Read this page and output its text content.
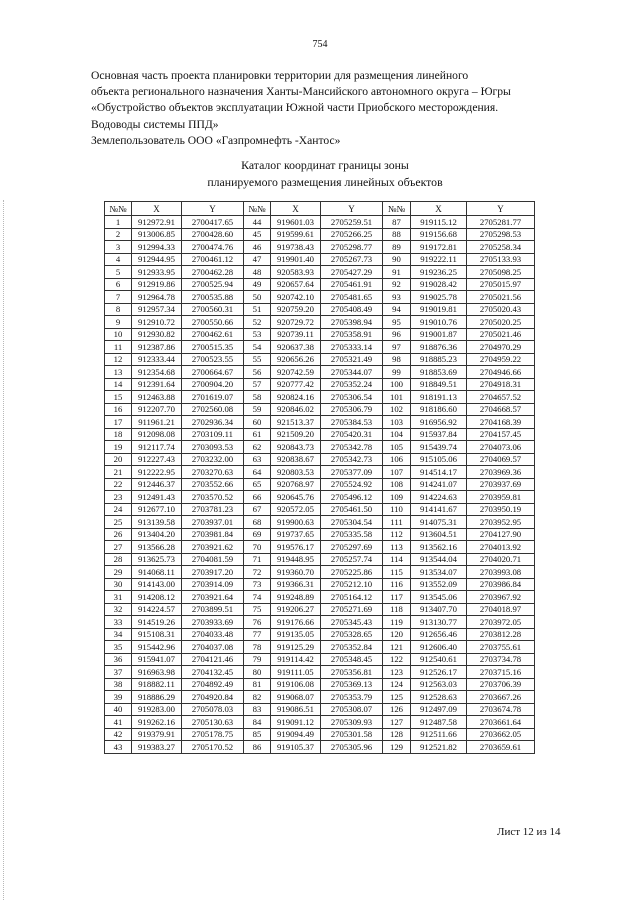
754
Основная часть проекта планировки территории для размещения линейного
объекта регионального назначения Ханты-Мансийского автономного округа – Югры
«Обустройство объектов эксплуатации Южной части Приобского месторождения.
Водоводы системы ППД»
Землепользователь ООО «Газпромнефть -Хантос»
Каталог координат границы зоны
планируемого размещения линейных объектов
№№	X	Y	№№	X	Y	№№	X	Y
1	912972.91	2700417.65	44	919601.03	2705259.51	87	919115.12	2705281.77
2	913006.85	2700428.60	45	919599.61	2705266.25	88	919156.68	2705298.53
3	912994.33	2700474.76	46	919738.43	2705298.77	89	919172.81	2705258.34
4	912944.95	2700461.12	47	919901.40	2705267.73	90	919222.11	2705133.93
5	912933.95	2700462.28	48	920583.93	2705427.29	91	919236.25	2705098.25
6	912919.86	2700525.94	49	920657.64	2705461.91	92	919028.42	2705015.97
7	912964.78	2700535.88	50	920742.10	2705481.65	93	919025.78	2705021.56
8	912957.34	2700560.31	51	920759.20	2705408.49	94	919019.81	2705020.43
9	912910.72	2700550.66	52	920729.72	2705398.94	95	919010.76	2705020.25
10	912930.82	2700462.61	53	920739.11	2705358.91	96	919001.87	2705021.46
11	912387.86	2700515.35	54	920637.38	2705333.14	97	918876.36	2704970.29
12	912333.44	2700523.55	55	920656.26	2705321.49	98	918885.23	2704959.22
13	912354.68	2700664.67	56	920742.59	2705344.07	99	918853.69	2704946.66
14	912391.64	2700904.20	57	920777.42	2705352.24	100	918849.51	2704918.31
15	912463.88	2701619.07	58	920824.16	2705306.54	101	918191.13	2704657.52
16	912207.70	2702560.08	59	920846.02	2705306.79	102	918186.60	2704668.57
17	911961.21	2702936.34	60	921513.37	2705384.53	103	916956.92	2704168.39
18	912098.08	2703109.11	61	921509.20	2705420.31	104	915937.84	2704157.45
19	912117.74	2703093.53	62	920843.73	2705342.78	105	915439.74	2704073.06
20	912227.43	2703232.00	63	920838.67	2705342.73	106	915105.06	2704069.57
21	912222.95	2703270.63	64	920803.53	2705377.09	107	914514.17	2703969.36
22	912446.37	2703552.66	65	920768.97	2705524.92	108	914241.07	2703937.69
23	912491.43	2703570.52	66	920645.76	2705496.12	109	914224.63	2703959.81
24	912677.10	2703781.23	67	920572.05	2705461.50	110	914141.67	2703950.19
25	913139.58	2703937.01	68	919900.63	2705304.54	111	914075.31	2703952.95
26	913404.20	2703981.84	69	919737.65	2705335.58	112	913604.51	2704127.90
27	913566.28	2703921.62	70	919576.17	2705297.69	113	913562.16	2704013.92
28	913625.73	2704081.59	71	919448.95	2705257.74	114	913544.04	2704020.71
29	914068.11	2703917.20	72	919360.70	2705225.86	115	913534.07	2703993.08
30	914143.00	2703914.09	73	919366.31	2705212.10	116	913552.09	2703986.84
31	914208.12	2703921.64	74	919248.89	2705164.12	117	913545.06	2703967.92
32	914224.57	2703899.51	75	919206.27	2705271.69	118	913407.70	2704018.97
33	914519.26	2703933.69	76	919176.66	2705345.43	119	913130.77	2703972.05
34	915108.31	2704033.48	77	919135.05	2705328.65	120	912656.46	2703812.28
35	915442.96	2704037.08	78	919125.29	2705352.84	121	912606.40	2703755.61
36	915941.07	2704121.46	79	919114.42	2705348.45	122	912540.61	2703734.78
37	916963.98	2704132.45	80	919111.05	2705356.81	123	912526.17	2703715.16
38	918882.11	2704892.49	81	919106.08	2705369.13	124	912563.03	2703706.39
39	918886.29	2704920.84	82	919068.07	2705353.79	125	912528.63	2703667.26
40	919283.00	2705078.03	83	919086.51	2705308.07	126	912497.09	2703674.78
41	919262.16	2705130.63	84	919091.12	2705309.93	127	912487.58	2703661.64
42	919379.91	2705178.75	85	919094.49	2705301.58	128	912511.66	2703662.05
43	919383.27	2705170.52	86	919105.37	2705305.96	129	912521.82	2703659.61
Лист 12 из 14
